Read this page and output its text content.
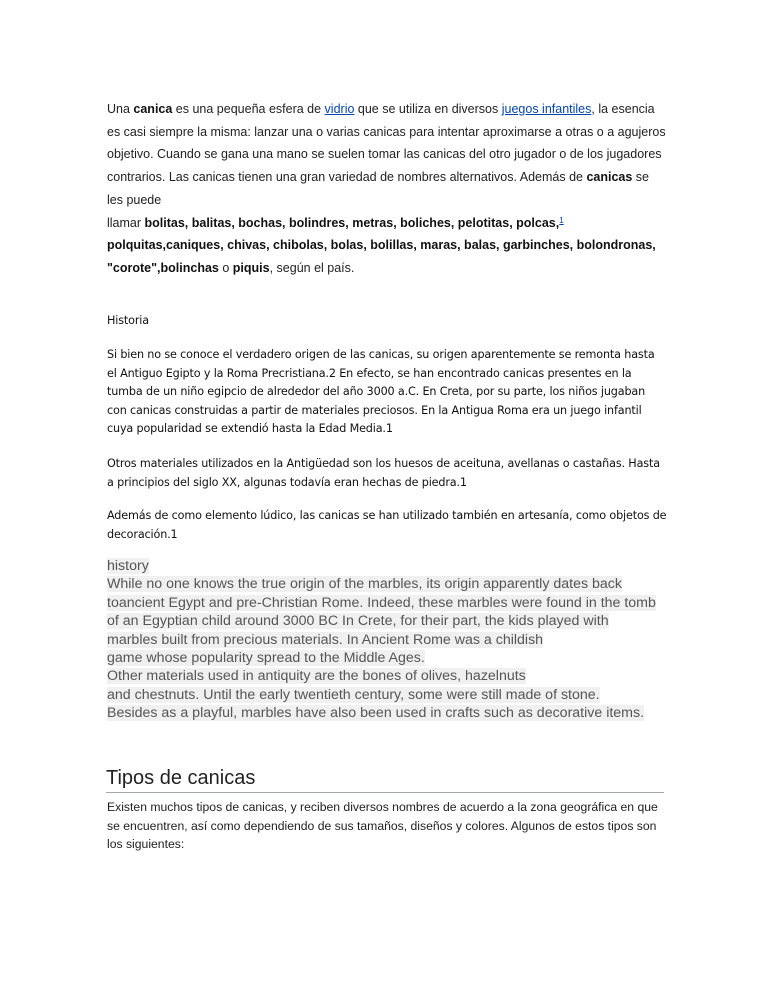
Una canica es una pequeña esfera de vidrio que se utiliza en diversos juegos infantiles, la esencia es casi siempre la misma: lanzar una o varias canicas para intentar aproximarse a otras o a agujeros objetivo. Cuando se gana una mano se suelen tomar las canicas del otro jugador o de los jugadores contrarios. Las canicas tienen una gran variedad de nombres alternativos. Además de canicas se les puede
llamar bolitas, balitas, bochas, bolindres, metras, boliches, pelotitas, polcas,$^1$ polquitas,caniques, chivas, chibolas, bolas, bolillas, maras, balas, garbinches, bolondronas,
"corote",bolinchas o piquis, según el país.
Historia
Si bien no se conoce el verdadero origen de las canicas, su origen aparentemente se remonta hasta el Antiguo Egipto y la Roma Precristiana.2 En efecto, se han encontrado canicas presentes en la tumba de un niño egipcio de alrededor del año 3000 a.C. En Creta, por su parte, los niños jugaban con canicas construidas a partir de materiales preciosos. En la Antigua Roma era un juego infantil cuya popularidad se extendió hasta la Edad Media.1
Otros materiales utilizados en la Antigüedad son los huesos de aceituna, avellanas o castañas. Hasta a principios del siglo XX, algunas todavía eran hechas de piedra.1
Además de como elemento lúdico, las canicas se han utilizado también en artesanía, como objetos de decoración.1
history
While no one knows the true origin of the marbles, its origin apparently dates back
toancient Egypt and pre-Christian Rome. Indeed, these marbles were found in the tomb
of an Egyptian child around 3000 BC In Crete, for their part, the kids played with
marbles built from precious materials. In Ancient Rome was a childish
game whose popularity spread to the Middle Ages.
Other materials used in antiquity are the bones of olives, hazelnuts
and chestnuts. Until the early twentieth century, some were still made of stone.
Besides as a playful, marbles have also been used in crafts such as decorative items.
Tipos de canicas
Existen muchos tipos de canicas, y reciben diversos nombres de acuerdo a la zona geográfica en que se encuentren, así como dependiendo de sus tamaños, diseños y colores. Algunos de estos tipos son los siguientes:
